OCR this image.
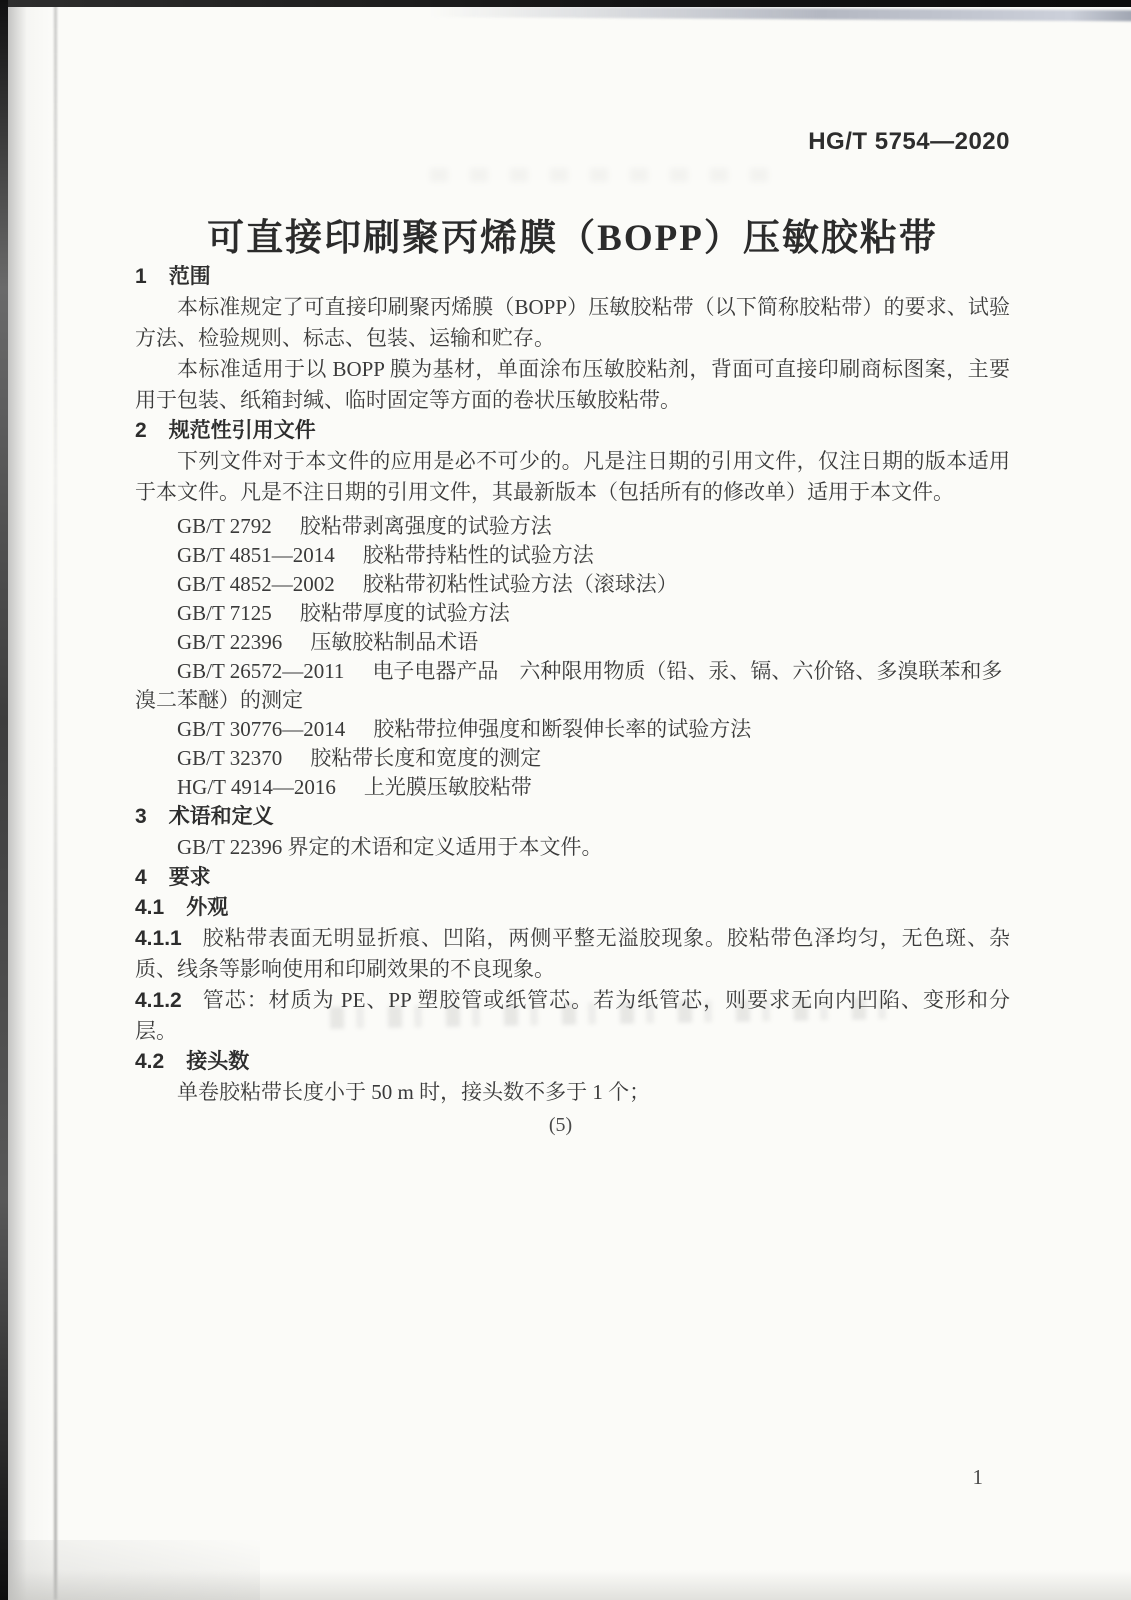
HG/T 5754—2020

可直接印刷聚丙烯膜（BOPP）压敏胶粘带
1 范围

本标准规定了可直接印刷聚丙烯膜（BOPP）压敏胶粘带（以下简称胶粘带）的要求、试验方法、检验规则、标志、包装、运输和贮存。

本标准适用于以 BOPP 膜为基材，单面涂布压敏胶粘剂，背面可直接印刷商标图案，主要用于包装、纸箱封缄、临时固定等方面的卷状压敏胶粘带。

2 规范性引用文件

下列文件对于本文件的应用是必不可少的。凡是注日期的引用文件，仅注日期的版本适用于本文件。凡是不注日期的引用文件，其最新版本（包括所有的修改单）适用于本文件。

GB/T 2792 胶粘带剥离强度的试验方法

GB/T 4851—2014 胶粘带持粘性的试验方法

GB/T 4852—2002 胶粘带初粘性试验方法（滚球法）

GB/T 7125 胶粘带厚度的试验方法

GB/T 22396 压敏胶粘制品术语

GB/T 26572—2011 电子电器产品　六种限用物质（铅、汞、镉、六价铬、多溴联苯和多溴二苯醚）的测定

GB/T 30776—2014 胶粘带拉伸强度和断裂伸长率的试验方法

GB/T 32370 胶粘带长度和宽度的测定

HG/T 4914—2016 上光膜压敏胶粘带

3 术语和定义

GB/T 22396 界定的术语和定义适用于本文件。

4 要求
4.1 外观

4.1.1 胶粘带表面无明显折痕、凹陷，两侧平整无溢胶现象。胶粘带色泽均匀，无色斑、杂质、线条等影响使用和印刷效果的不良现象。

4.1.2 管芯：材质为 PE、PP 塑胶管或纸管芯。若为纸管芯，则要求无向内凹陷、变形和分层。

4.2 接头数

单卷胶粘带长度小于 50 m 时，接头数不多于 1 个；

(5)

1
